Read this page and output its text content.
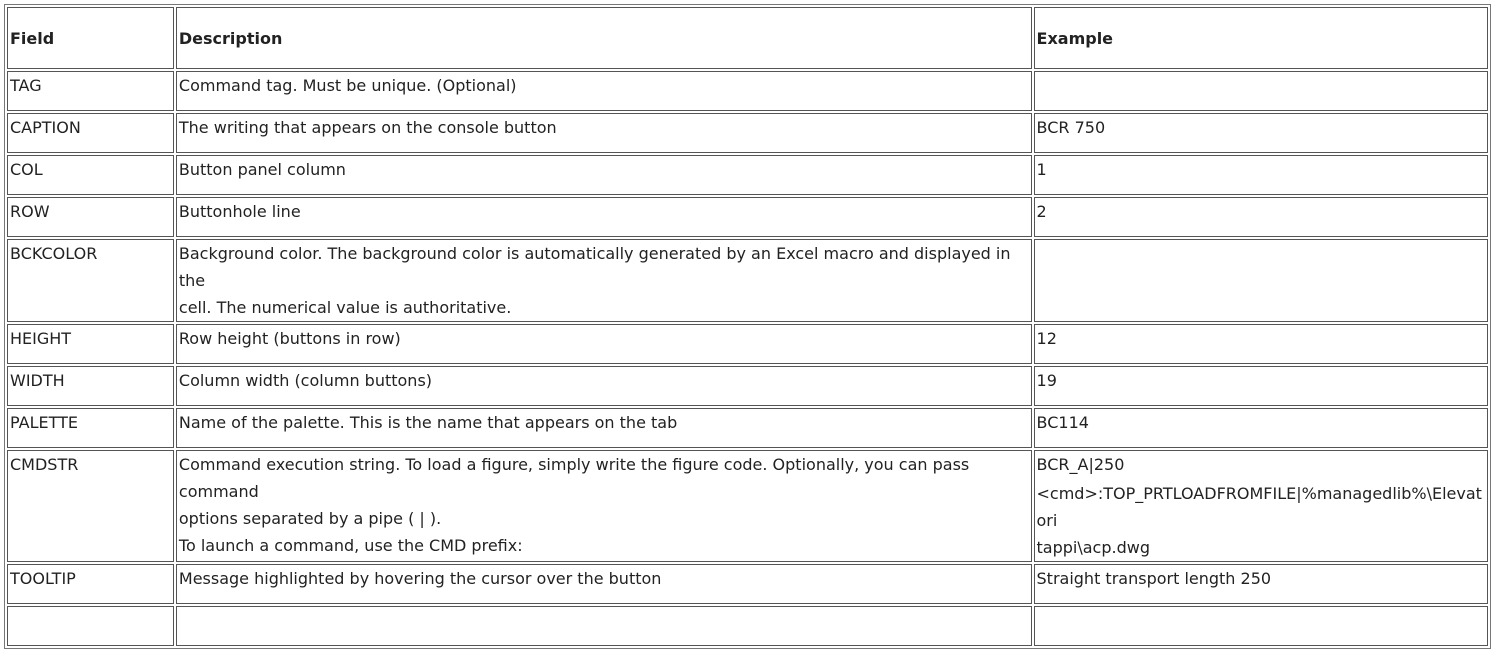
Field	Description	Example
TAG	Command tag. Must be unique. (Optional)	

CAPTION	The writing that appears on the console button	BCR 750

COL	Button panel column	1

ROW	Buttonhole line	2

BCKCOLOR	Background color. The background color is automatically generated by an Excel macro and displayed in the
cell. The numerical value is authoritative.	

HEIGHT	Row height (buttons in row)	12

WIDTH	Column width (column buttons)	19

PALETTE	Name of the palette. This is the name that appears on the tab	BC114

CMDSTR	Command execution string. To load a figure, simply write the figure code. Optionally, you can pass command
options separated by a pipe ( | ).
To launch a command, use the CMD prefix:	BCR_A|250
<cmd>:TOP_PRTLOADFROMFILE|%managedlib%\Elevatori
tappi\acp.dwg

TOOLTIP	Message highlighted by hovering the cursor over the button	Straight transport length 250
